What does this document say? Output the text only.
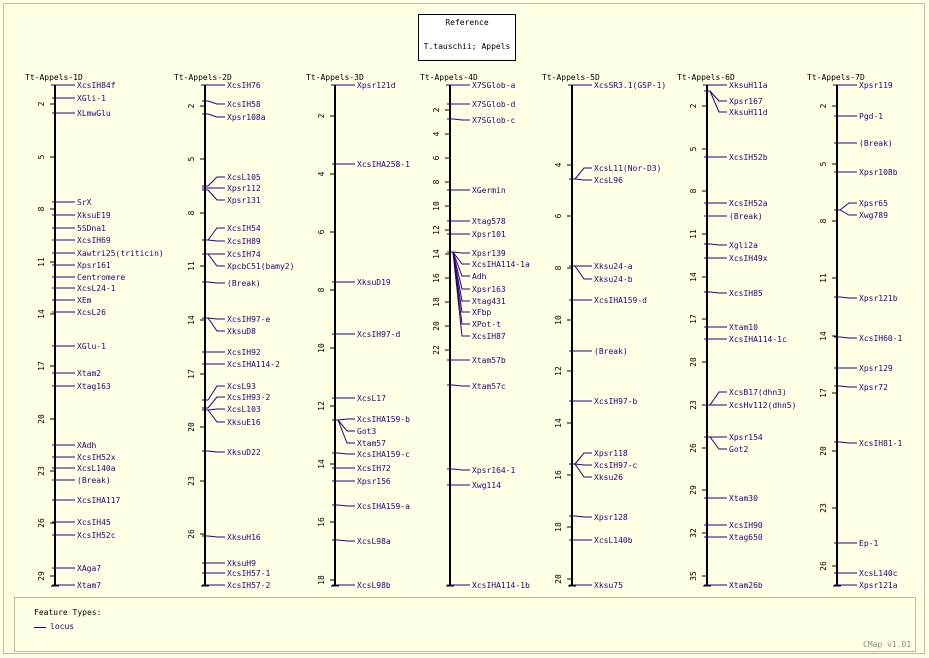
Reference
T.tauschii; Appels
Tt-Appels-1D
2
5
8
11
14
17
20
23
26
29
XcsIH84f
XGli-1
XLmwGlu
SrX
XksuE19
5SDna1
XcsIH69
Xawtri25(triticin)
Xpsr161
Centromere
XcsL24-1
XEm
XcsL26
XGlu-1
Xtam2
Xtag163
XAdh
XcsIH52x
XcsL140a
(Break)
XcsIHA117
XcsIH45
XcsIH52c
XAga7
Xtam7
Tt-Appels-2D
2
5
8
11
14
17
20
23
26
XcsIH76
XcsIH58
Xpsr108a
XcsL105
Xpsr112
Xpsr131
XcsIH54
XcsIH89
XcsIH74
XpcbC51(bamy2)
(Break)
XcsIH97-e
XksuD8
XcsIH92
XcsIHA114-2
XcsL93
XcsIH93-2
XcsL103
XksuE16
XksuD22
XksuH16
XksuH9
XcsIH57-1
XcsIH57-2
Tt-Appels-3D
2
4
6
8
10
12
14
16
18
Xpsr121d
XcsIHA258-1
XksuD19
XcsIH97-d
XcsL17
XcsIHA159-b
Got3
Xtam57
XcsIHA159-c
XcsIH72
Xpsr156
XcsIHA159-a
XcsL98a
XcsL98b
Tt-Appels-4D
2
4
6
8
10
12
14
16
18
20
22
X7SGlob-a
X7SGlob-d
X7SGlob-c
XGermin
Xtag578
Xpsr101
Xpsr139
XcsIHA114-1a
Adh
Xpsr163
Xtag431
XFbp
XPot-t
XcsIH87
Xtam57b
Xtam57c
Xpsr164-1
Xwg114
XcsIHA114-1b
Tt-Appels-5D
4
6
8
10
12
14
16
18
20
XcsSR3.1(GSP-1)
XcsL11(Nor-D3)
XcsL96
Xksu24-a
Xksu24-b
XcsIHA159-d
(Break)
XcsIH97-b
Xpsr118
XcsIH97-c
Xksu26
Xpsr128
XcsL140b
Xksu75
Tt-Appels-6D
2
5
8
11
14
17
20
23
26
29
32
35
XksuH11a
Xpsr167
XksuH11d
XcsIH52b
XcsIH52a
(Break)
Xgli2a
XcsIH49x
XcsIH85
Xtam10
XcsIHA114-1c
XcsB17(dhn3)
XcsHv112(dhn5)
Xpsr154
Got2
Xtam30
XcsIH90
Xtag650
Xtam26b
Tt-Appels-7D
2
5
8
11
14
17
20
23
26
Xpsr119
Pgd-1
(Break)
Xpsr108b
Xpsr65
Xwg789
Xpsr121b
XcsIH60-1
Xpsr129
Xpsr72
XcsIH81-1
Ep-1
XcsL140c
Xpsr121a
Feature Types:
locus
CMap v1.01
